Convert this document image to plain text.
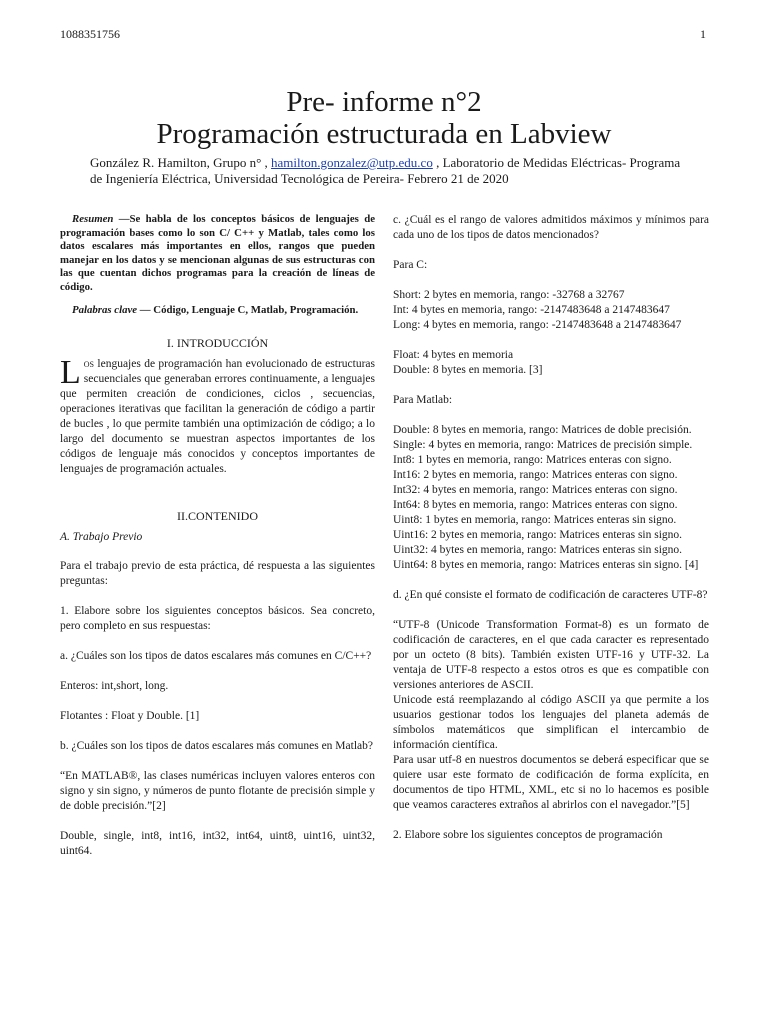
1088351756	1
Pre- informe n°2
Programación estructurada en Labview
González R. Hamilton, Grupo n° , hamilton.gonzalez@utp.edu.co , Laboratorio de Medidas Eléctricas- Programa de Ingeniería Eléctrica, Universidad Tecnológica de Pereira- Febrero 21 de 2020

Resumen —Se habla de los conceptos básicos de lenguajes de programación bases como lo son C/ C++ y Matlab, tales como los datos escalares más importantes en ellos, rangos que pueden manejar en los datos y se mencionan algunas de sus estructuras con las que cuentan dichos programas para la creación de líneas de código.

Palabras clave — Código, Lenguaje C, Matlab, Programación.

I. INTRODUCCIÓN

Los lenguajes de programación han evolucionado de estructuras secuenciales que generaban errores continuamente, a lenguajes que permiten creación de condiciones, ciclos , secuencias, operaciones iterativas que facilitan la generación de código a partir de bucles , lo que permite también una optimización de código; a lo largo del documento se muestran aspectos importantes de los códigos de lenguaje más conocidos y conceptos importantes de lenguajes de programación actuales.

II.CONTENIDO
A. Trabajo Previo

Para el trabajo previo de esta práctica, dé respuesta a las siguientes preguntas:

1. Elabore sobre los siguientes conceptos básicos. Sea concreto, pero completo en sus respuestas:

a. ¿Cuáles son los tipos de datos escalares más comunes en C/C++?

Enteros: int,short, long.

Flotantes : Float y Double. [1]

b. ¿Cuáles son los tipos de datos escalares más comunes en Matlab?

“En MATLAB®, las clases numéricas incluyen valores enteros con signo y sin signo, y números de punto flotante de precisión simple y de doble precisión.”[2]

Double, single, int8, int16, int32, int64, uint8, uint16, uint32, uint64.

c. ¿Cuál es el rango de valores admitidos máximos y mínimos para cada uno de los tipos de datos mencionados?

Para C:

Short: 2 bytes en memoria, rango: -32768 a 32767

Int: 4 bytes en memoria, rango: -2147483648 a 2147483647

Long: 4 bytes en memoria, rango: -2147483648 a 2147483647

Float: 4 bytes en memoria

Double: 8 bytes en memoria. [3]

Para Matlab:

Double: 8 bytes en memoria, rango: Matrices de doble precisión.

Single: 4 bytes en memoria, rango: Matrices de precisión simple.

Int8: 1 bytes en memoria, rango: Matrices enteras con signo.

Int16: 2 bytes en memoria, rango: Matrices enteras con signo.

Int32: 4 bytes en memoria, rango: Matrices enteras con signo.

Int64: 8 bytes en memoria, rango: Matrices enteras con signo.

Uint8: 1 bytes en memoria, rango: Matrices enteras sin signo.

Uint16: 2 bytes en memoria, rango: Matrices enteras sin signo.

Uint32: 4 bytes en memoria, rango: Matrices enteras sin signo.

Uint64: 8 bytes en memoria, rango: Matrices enteras sin signo. [4]

d. ¿En qué consiste el formato de codificación de caracteres UTF-8?

“UTF-8 (Unicode Transformation Format-8) es un formato de codificación de caracteres, en el que cada caracter es representado por un octeto (8 bits). También existen UTF-16 y UTF-32. La ventaja de UTF-8 respecto a estos otros es que es compatible con versiones anteriores de ASCII.

Unicode está reemplazando al código ASCII ya que permite a los usuarios gestionar todos los lenguajes del planeta además de símbolos matemáticos que simplifican el intercambio de información científica.

Para usar utf-8 en nuestros documentos se deberá especificar que se quiere usar este formato de codificación de forma explícita, en documentos de tipo HTML, XML, etc si no lo hacemos es posible que veamos caracteres extraños al abrirlos con el navegador.”[5]

2. Elabore sobre los siguientes conceptos de programación
